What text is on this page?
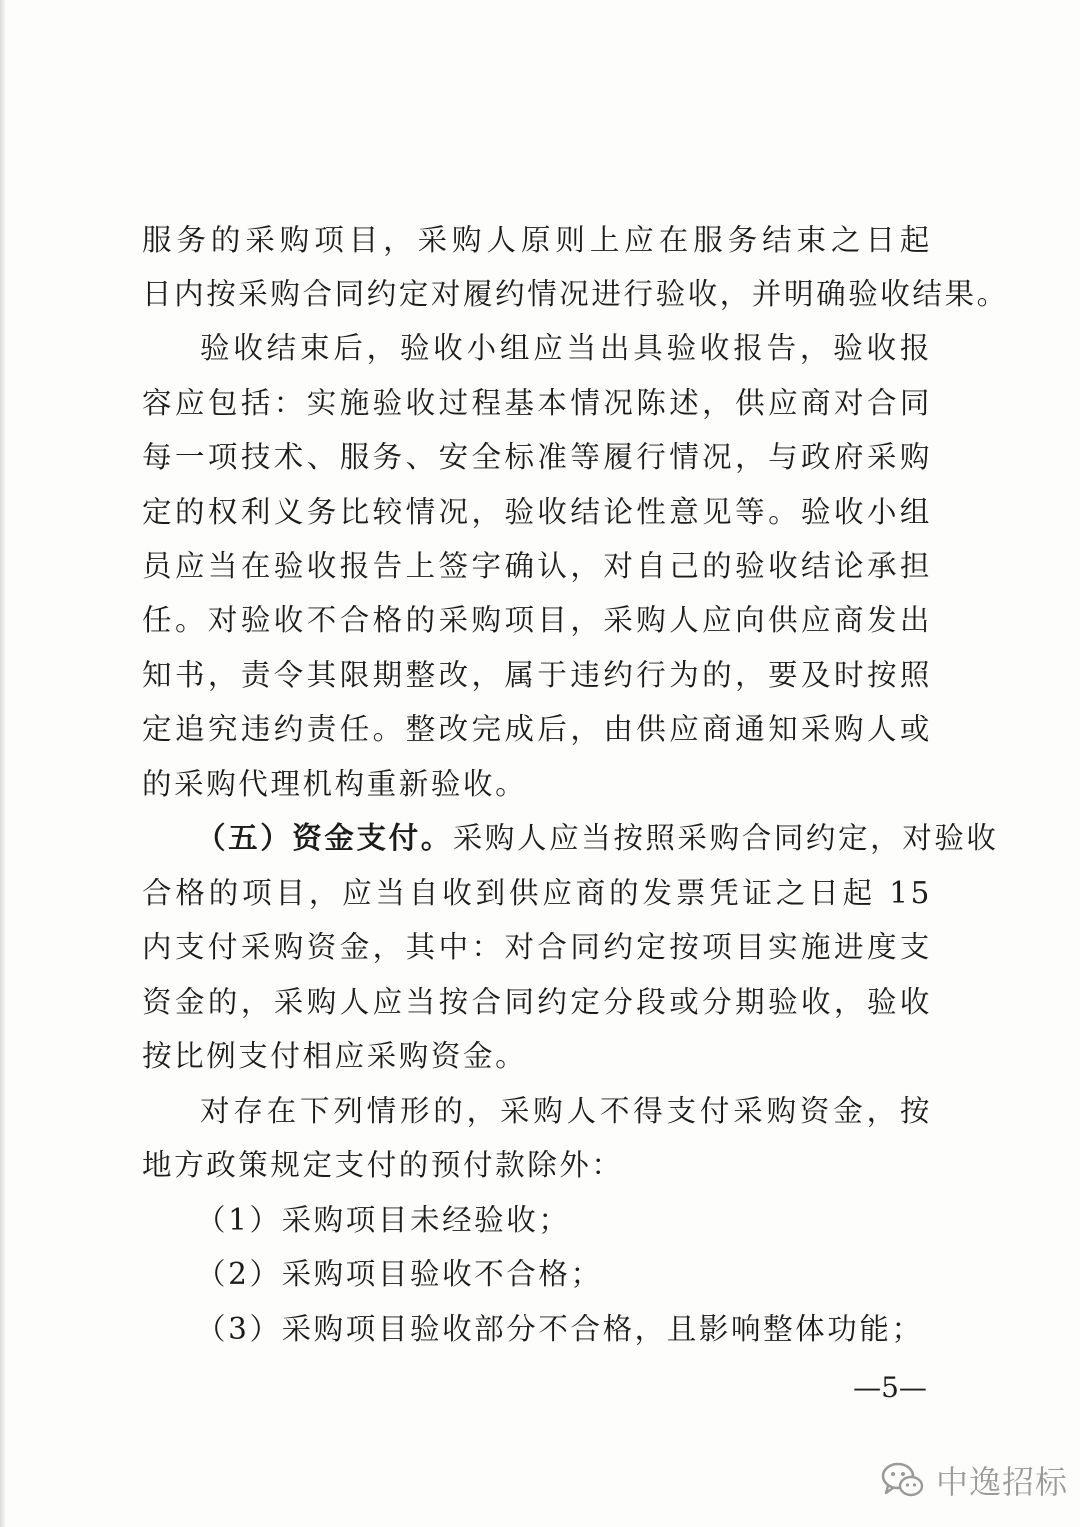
服务的采购项目，采购人原则上应在服务结束之日起
日内按采购合同约定对履约情况进行验收，并明确验收结果。
验收结束后，验收小组应当出具验收报告，验收报
容应包括：实施验收过程基本情况陈述，供应商对合同
每一项技术、服务、安全标准等履行情况，与政府采购
定的权利义务比较情况，验收结论性意见等。验收小组
员应当在验收报告上签字确认，对自己的验收结论承担
任。对验收不合格的采购项目，采购人应向供应商发出
知书，责令其限期整改，属于违约行为的，要及时按照
定追究违约责任。整改完成后，由供应商通知采购人或
的采购代理机构重新验收。
（五）资金支付。 采购人应当按照采购合同约定，对验收
合格的项目，应当自收到供应商的发票凭证之日起 15
内支付采购资金，其中：对合同约定按项目实施进度支
资金的，采购人应当按合同约定分段或分期验收，验收
按比例支付相应采购资金。
对存在下列情形的，采购人不得支付采购资金，按
地方政策规定支付的预付款除外：
（1）采购项目未经验收；
（2）采购项目验收不合格；
（3）采购项目验收部分不合格，且影响整体功能；
—5—
中逸招标
